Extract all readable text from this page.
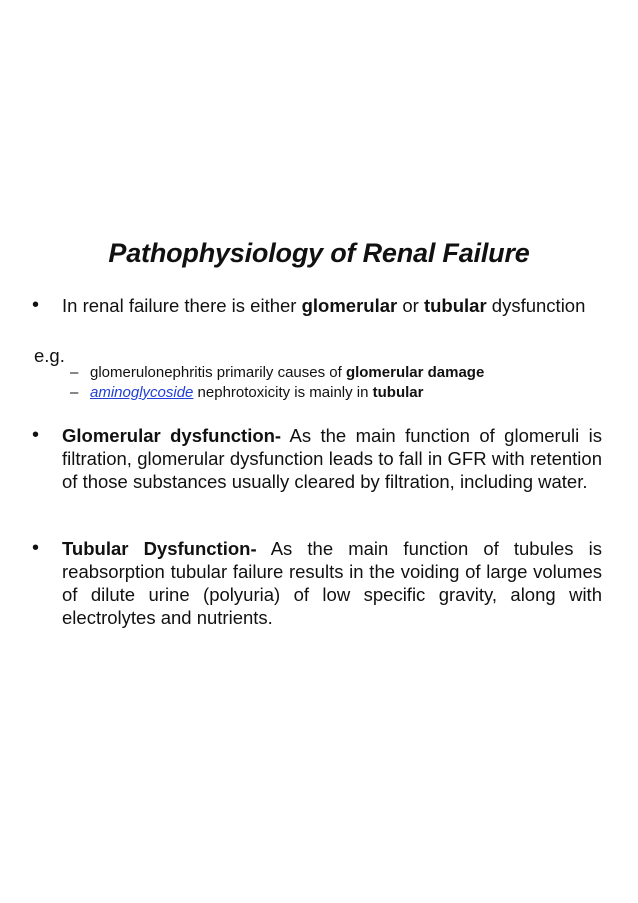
Pathophysiology of Renal Failure
•	In renal failure there is either glomerular or tubular dysfunction
e.g.
– glomerulonephritis primarily causes of glomerular damage
– aminoglycoside nephrotoxicity is mainly in tubular
•	Glomerular dysfunction- As the main function of glomeruli is filtration, glomerular dysfunction leads to fall in GFR with retention of those substances usually cleared by filtration, including water.
•	Tubular Dysfunction- As the main function of tubules is reabsorption tubular failure results in the voiding of large volumes of dilute urine (polyuria) of low specific gravity, along with electrolytes and nutrients.
